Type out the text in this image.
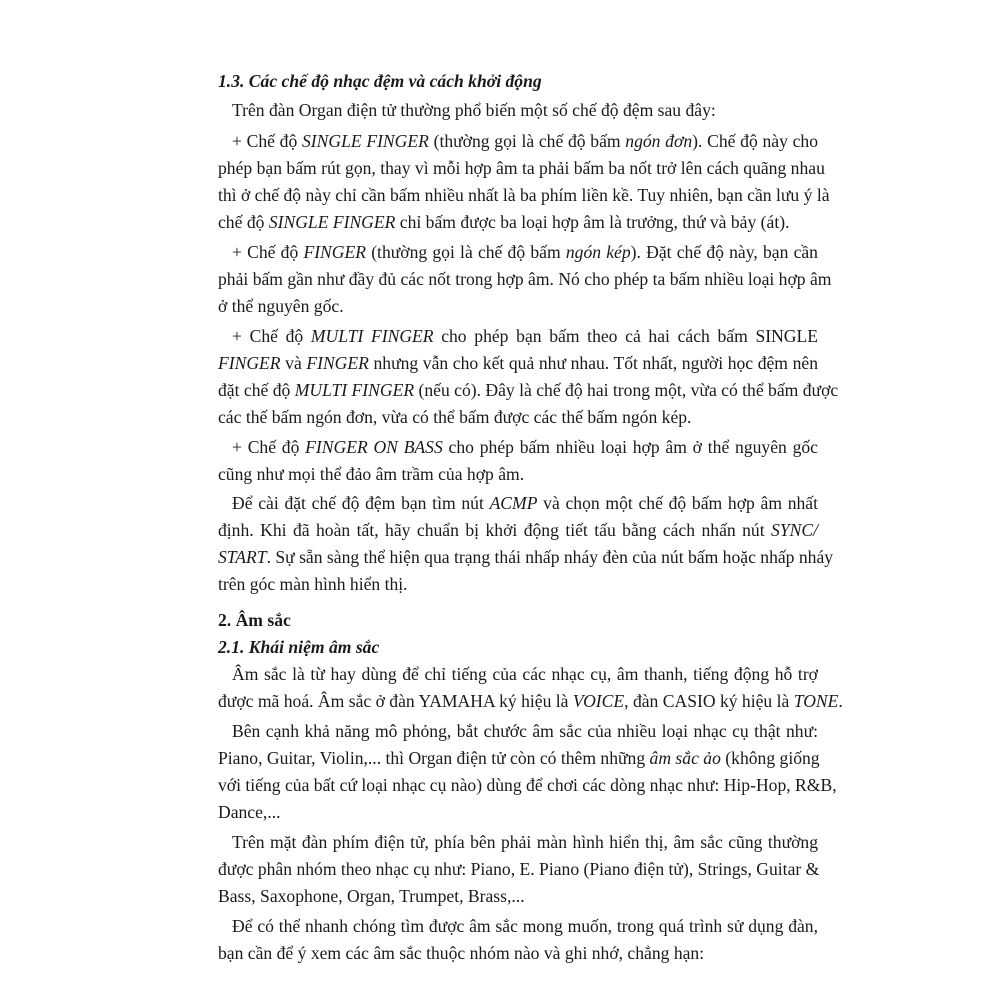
1.3. Các chế độ nhạc đệm và cách khởi động
Trên đàn Organ điện tử thường phổ biến một số chế độ đệm sau đây:
+ Chế độ SINGLE FINGER (thường gọi là chế độ bấm ngón đơn). Chế độ này cho
phép bạn bấm rút gọn, thay vì mỗi hợp âm ta phải bấm ba nốt trở lên cách quãng nhau
thì ở chế độ này chỉ cần bấm nhiều nhất là ba phím liền kề. Tuy nhiên, bạn cần lưu ý là
chế độ SINGLE FINGER chỉ bấm được ba loại hợp âm là trưởng, thứ và bảy (át).
+ Chế độ FINGER (thường gọi là chế độ bấm ngón kép). Đặt chế độ này, bạn cần
phải bấm gần như đầy đủ các nốt trong hợp âm. Nó cho phép ta bấm nhiều loại hợp âm
ở thể nguyên gốc.
+ Chế độ MULTI FINGER cho phép bạn bấm theo cả hai cách bấm SINGLE
FINGER và FINGER nhưng vẫn cho kết quả như nhau. Tốt nhất, người học đệm nên
đặt chế độ MULTI FINGER (nếu có). Đây là chế độ hai trong một, vừa có thể bấm được
các thế bấm ngón đơn, vừa có thể bấm được các thế bấm ngón kép.
+ Chế độ FINGER ON BASS cho phép bấm nhiều loại hợp âm ở thể nguyên gốc
cũng như mọi thể đảo âm trầm của hợp âm.
Để cài đặt chế độ đệm bạn tìm nút ACMP và chọn một chế độ bấm hợp âm nhất
định. Khi đã hoàn tất, hãy chuẩn bị khởi động tiết tấu bằng cách nhấn nút SYNC/
START. Sự sẵn sàng thể hiện qua trạng thái nhấp nháy đèn của nút bấm hoặc nhấp nháy
trên góc màn hình hiển thị.
2. Âm sắc
2.1. Khái niệm âm sắc
Âm sắc là từ hay dùng để chỉ tiếng của các nhạc cụ, âm thanh, tiếng động hỗ trợ
được mã hoá. Âm sắc ở đàn YAMAHA ký hiệu là VOICE, đàn CASIO ký hiệu là TONE.
Bên cạnh khả năng mô phỏng, bắt chước âm sắc của nhiều loại nhạc cụ thật như:
Piano, Guitar, Violin,... thì Organ điện tử còn có thêm những âm sắc ảo (không giống
với tiếng của bất cứ loại nhạc cụ nào) dùng để chơi các dòng nhạc như: Hip-Hop, R&B,
Dance,...
Trên mặt đàn phím điện tử, phía bên phải màn hình hiển thị, âm sắc cũng thường
được phân nhóm theo nhạc cụ như: Piano, E. Piano (Piano điện tử), Strings, Guitar &
Bass, Saxophone, Organ, Trumpet, Brass,...
Để có thể nhanh chóng tìm được âm sắc mong muốn, trong quá trình sử dụng đàn,
bạn cần để ý xem các âm sắc thuộc nhóm nào và ghi nhớ, chẳng hạn:
